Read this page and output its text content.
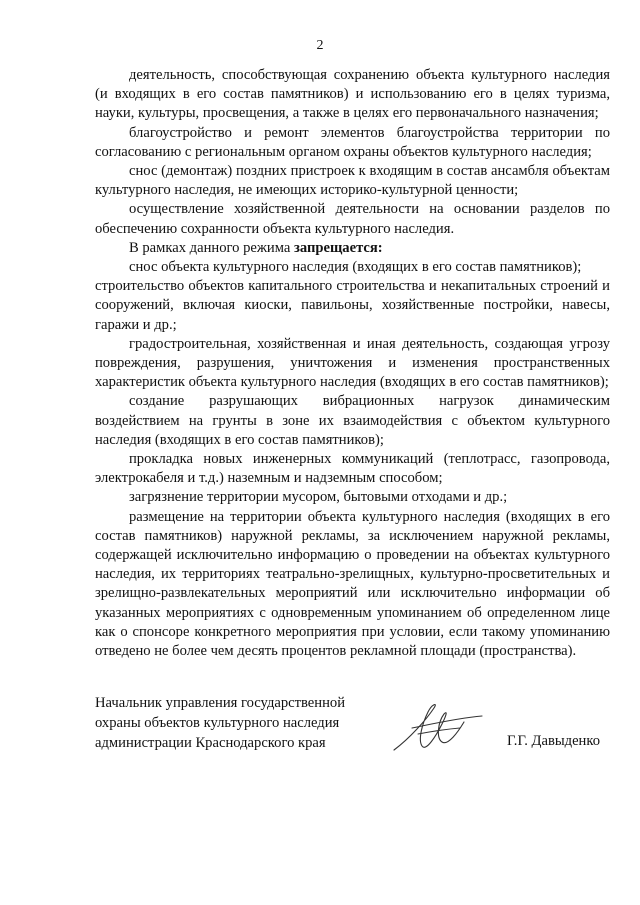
2

деятельность, способствующая сохранению объекта культурного наследия (и входящих в его состав памятников) и использованию его в целях туризма, науки, культуры, просвещения, а также в целях его первоначального назначения;

благоустройство и ремонт элементов благоустройства территории по согласованию с региональным органом охраны объектов культурного наследия;

снос (демонтаж) поздних пристроек к входящим в состав ансамбля объектам культурного наследия, не имеющих историко-культурной ценности;

осуществление хозяйственной деятельности на основании разделов по обеспечению сохранности объекта культурного наследия.

В рамках данного режима запрещается:

снос объекта культурного наследия (входящих в его состав памятников);

строительство объектов капитального строительства и некапитальных строений и сооружений, включая киоски, павильоны, хозяйственные постройки, навесы, гаражи и др.;

градостроительная, хозяйственная и иная деятельность, создающая угрозу повреждения, разрушения, уничтожения и изменения пространственных характеристик объекта культурного наследия (входящих в его состав памятников);

создание разрушающих вибрационных нагрузок динамическим воздействием на грунты в зоне их взаимодействия с объектом культурного наследия (входящих в его состав памятников);

прокладка новых инженерных коммуникаций (теплотрасс, газопровода, электрокабеля и т.д.) наземным и надземным способом;

загрязнение территории мусором, бытовыми отходами и др.;

размещение на территории объекта культурного наследия (входящих в его состав памятников) наружной рекламы, за исключением наружной рекламы, содержащей исключительно информацию о проведении на объектах культурного наследия, их территориях театрально-зрелищных, культурно-просветительных и зрелищно-развлекательных мероприятий или исключительно информации об указанных мероприятиях с одновременным упоминанием об определенном лице как о спонсоре конкретного мероприятия при условии, если такому упоминанию отведено не более чем десять процентов рекламной площади (пространства).

Начальник управления государственной

охраны объектов культурного наследия

администрации Краснодарского края	Г.Г. Давыденко
